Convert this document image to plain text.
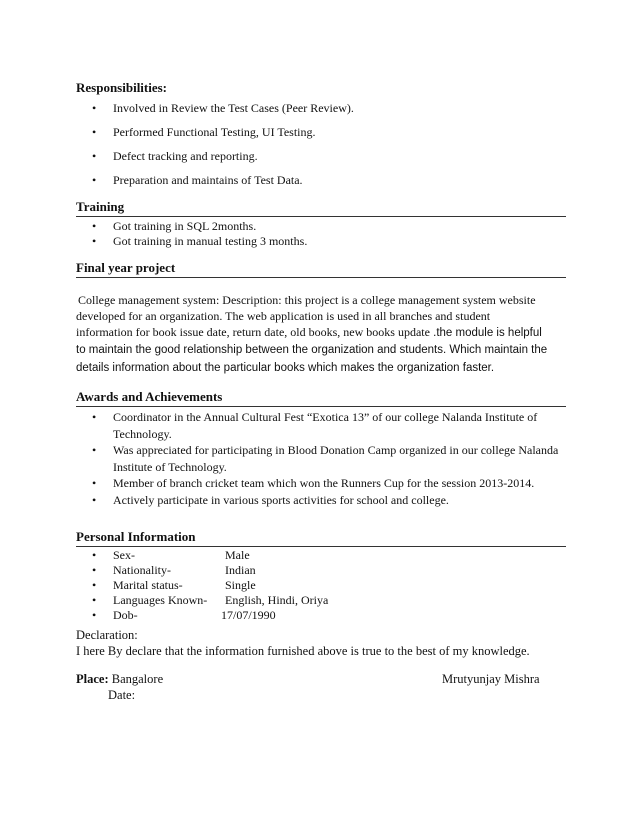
Responsibilities:
• Involved in Review the Test Cases (Peer Review).
• Performed Functional Testing, UI Testing.
• Defect tracking and reporting.
• Preparation and maintains of Test Data.
Training
• Got training in SQL 2months.
• Got training in manual testing 3 months.
Final year project
College management system: Description: this project is a college management system website
developed for an organization. The web application is used in all branches and student
information for book issue date, return date, old books, new books update .the module is helpful
to maintain the good relationship between the organization and students. Which maintain the
details information about the particular books which makes the organization faster.
Awards and Achievements
• Coordinator in the Annual Cultural Fest “Exotica 13” of our college Nalanda Institute of Technology.
• Was appreciated for participating in Blood Donation Camp organized in our college Nalanda Institute of Technology.
• Member of branch cricket team which won the Runners Cup for the session 2013-2014.
• Actively participate in various sports activities for school and college.
Personal Information
• Sex-	Male
• Nationality-	Indian
• Marital status-	Single
• Languages Known- English, Hindi, Oriya
• Dob-	17/07/1990
Declaration:
I here By declare that the information furnished above is true to the best of my knowledge.
Place: Bangalore	Mrutyunjay Mishra
Date:
